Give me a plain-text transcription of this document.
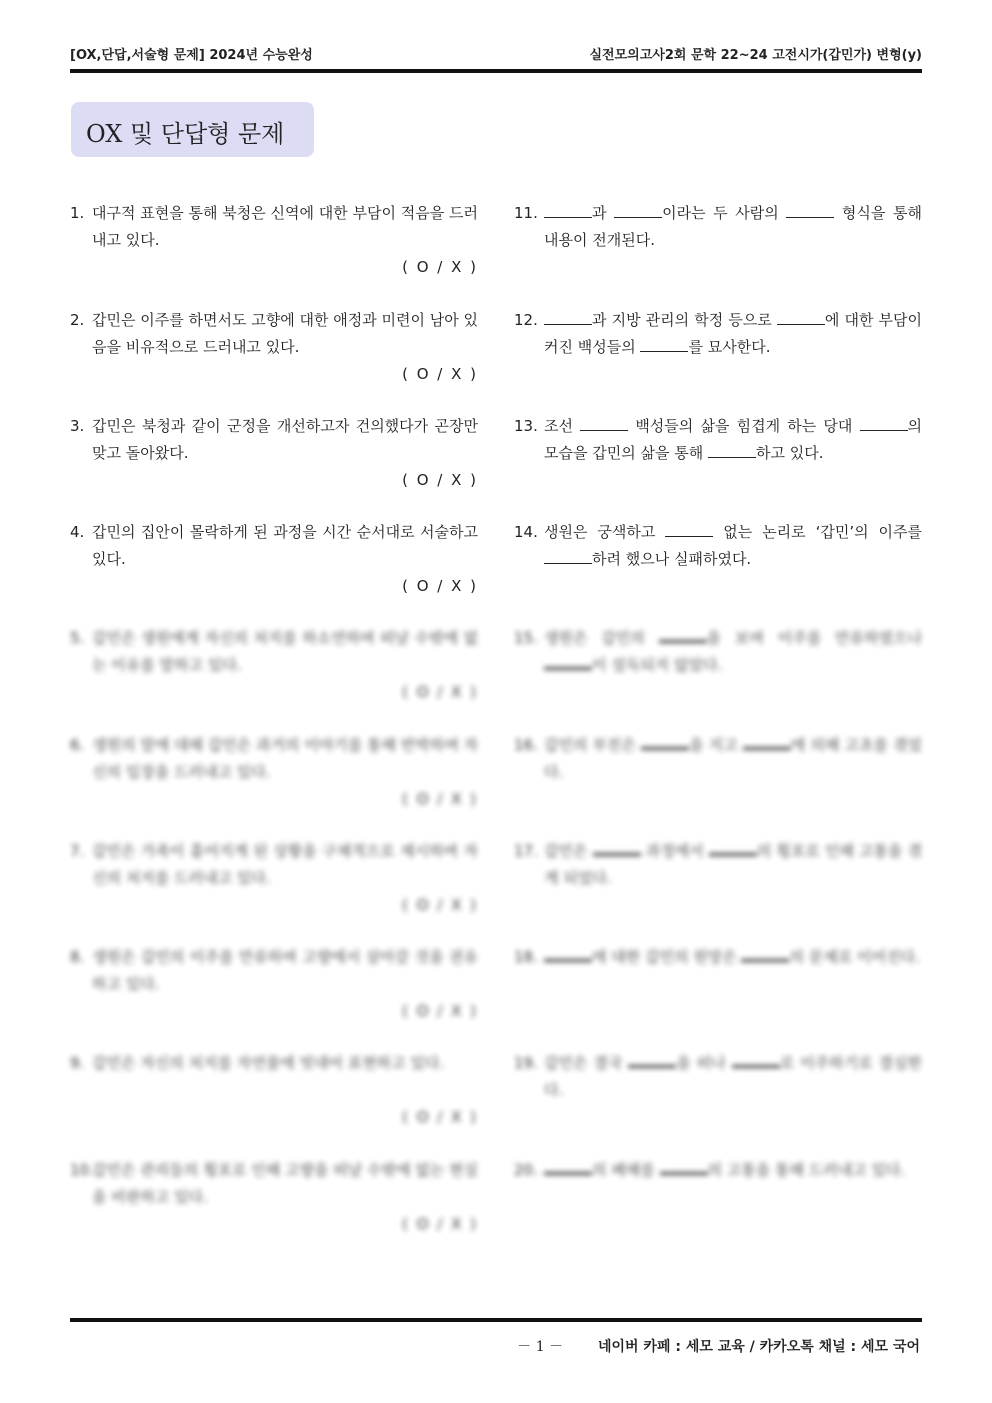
[OX,단답,서술형 문제] 2024년 수능완성	실전모의고사2회 문학 22~24 고전시가(갑민가) 변형(y)
OX 및 단답형 문제
1. 대구적 표현을 통해 북청은 신역에 대한 부담이 적음을 드러내고 있다.
( O / X )
2. 갑민은 이주를 하면서도 고향에 대한 애정과 미련이 남아 있음을 비유적으로 드러내고 있다.
( O / X )
3. 갑민은 북청과 같이 군정을 개선하고자 건의했다가 곤장만 맞고 돌아왔다.
( O / X )
4. 갑민의 집안이 몰락하게 된 과정을 시간 순서대로 서술하고 있다.
( O / X )
5. 갑민은 생원에게 자신의 처지를 하소연하며 떠날 수밖에 없는 이유를 말하고 있다.
( O / X )
6. 생원의 말에 대해 갑민은 과거의 이야기를 통해 반박하며 자신의 입장을 드러내고 있다.
( O / X )
7. 갑민은 가족이 흩어지게 된 상황을 구체적으로 제시하며 자신의 처지를 드러내고 있다.
( O / X )
8. 생원은 갑민의 이주를 만류하며 고향에서 살아갈 것을 권유하고 있다.
( O / X )
9. 갑민은 자신의 처지를 자연물에 빗대어 표현하고 있다.
( O / X )
10.
갑민은 관리들의 횡포로 인해 고향을 떠날 수밖에 없는 현실을 비판하고 있다.
( O / X )
11.	과	이라는 두 사람의	형식을 통해 내용이 전개된다.
12.	과 지방 관리의 학정 등으로	에 대한 부담이 커진 백성들의	를 묘사한다.
13. 조선	백성들의 삶을 힘겹게 하는 당대	의 모습을 갑민의 삶을 통해	하고 있다.
14. 생원은 궁색하고	없는 논리로 ‘갑민’의 이주를 하려 했으나 실패하였다.
15. 생원은 갑민의	을 보며 이주를 만류하였으나 이 설득되지 않았다.
16. 갑민의 부친은	을 지고	에 의해 고초를 겪었다.
17. 갑민은	과정에서	의 횡포로 인해 고통을 겪게 되었다.
18.	에 대한 갑민의 원망은	의 문제로 이어진다.
19. 갑민은 결국	을 떠나	로 이주하기로 결심한다.
20.	의 폐해를	의 고통을 통해 드러내고 있다.
－ 1 － 네이버 카페 : 세모 교육 / 카카오톡 채널 : 세모 국어
